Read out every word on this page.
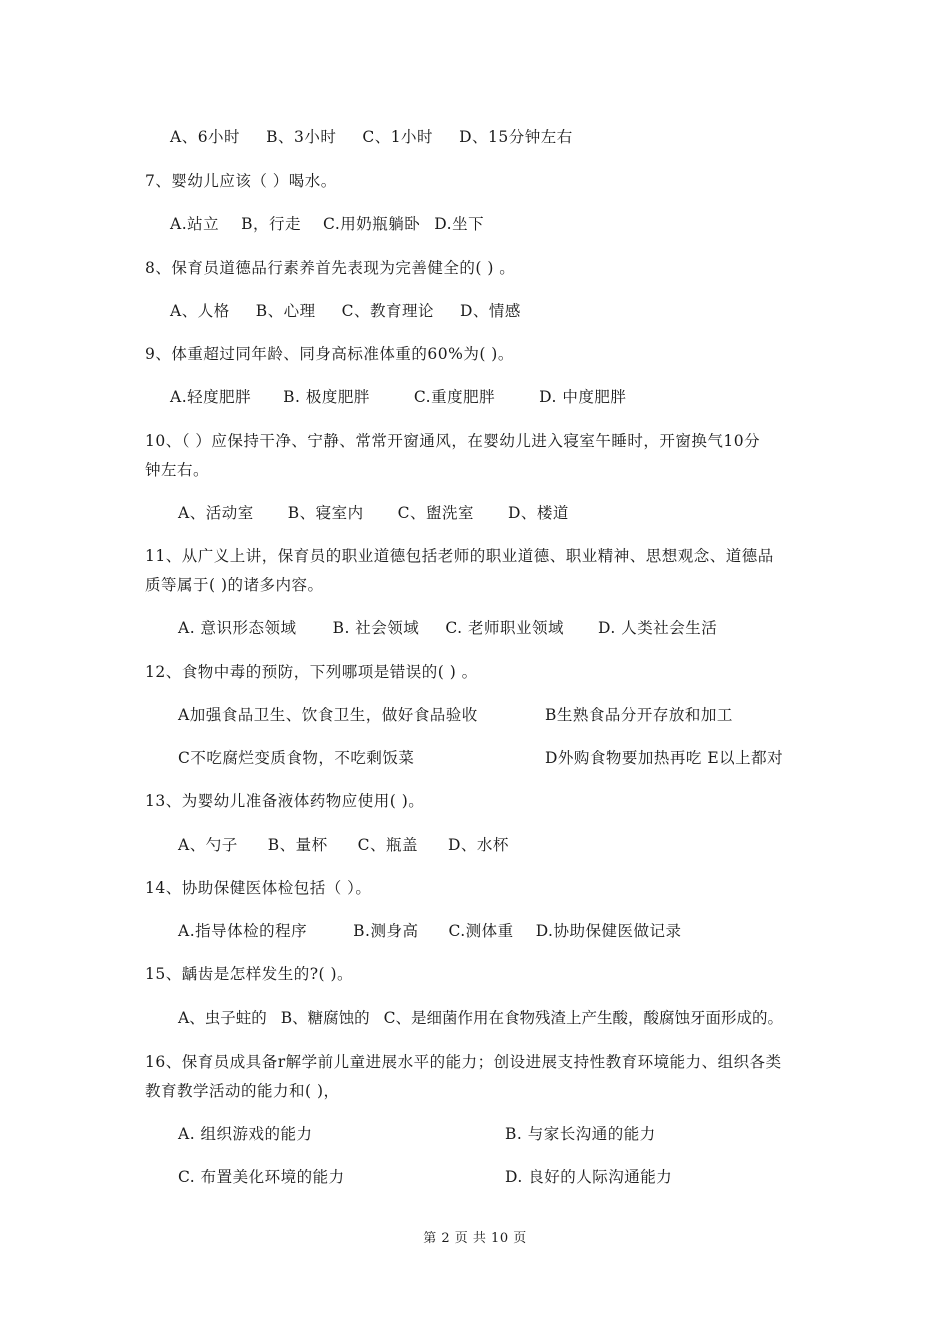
A、6小时 B、3小时 C、1小时 D、15分钟左右
7、婴幼儿应该（ ）喝水。
A.站立 B，行走 C.用奶瓶躺卧 D.坐下
8、保育员道德品行素养首先表现为完善健全的( ) 。
A、人格 B、心理 C、教育理论 D、情感
9、体重超过同年龄、同身高标准体重的60%为( )。
A.轻度肥胖 B. 极度肥胖	C.重度肥胖	D. 中度肥胖
10、（ ）应保持干净、宁静、常常开窗通风，在婴幼儿进入寝室午睡时，开窗换气10分
钟左右。
A、活动室 B、寝室内 C、盥洗室 D、楼道
11、从广义上讲，保育员的职业道德包括老师的职业道德、职业精神、思想观念、道德品
质等属于( )的诸多内容。
A. 意识形态领域 B. 社会领域 C. 老师职业领域 D. 人类社会生活
12、食物中毒的预防，下列哪项是错误的( ) 。
A加强食品卫生、饮食卫生，做好食品验收	B生熟食品分开存放和加工
C不吃腐烂变质食物，不吃剩饭菜	D外购食物要加热再吃 E以上都对
13、为婴幼儿准备液体药物应使用( )。
A、勺子 B、量杯 C、瓶盖 D、水杯
14、协助保健医体检包括（ ）。
A.指导体检的程序	B.测身高 C.测体重 D.协助保健医做记录
15、龋齿是怎样发生的?( )。
A、虫子蛀的 B、糖腐蚀的 C、是细菌作用在食物残渣上产生酸，酸腐蚀牙面形成的。
16、保育员成具备r解学前儿童进展水平的能力；创设进展支持性教育环境能力、组织各类
教育教学活动的能力和( )，
A. 组织游戏的能力	B. 与家长沟通的能力
C. 布置美化环境的能力	D. 良好的人际沟通能力
第 2 页 共 10 页
